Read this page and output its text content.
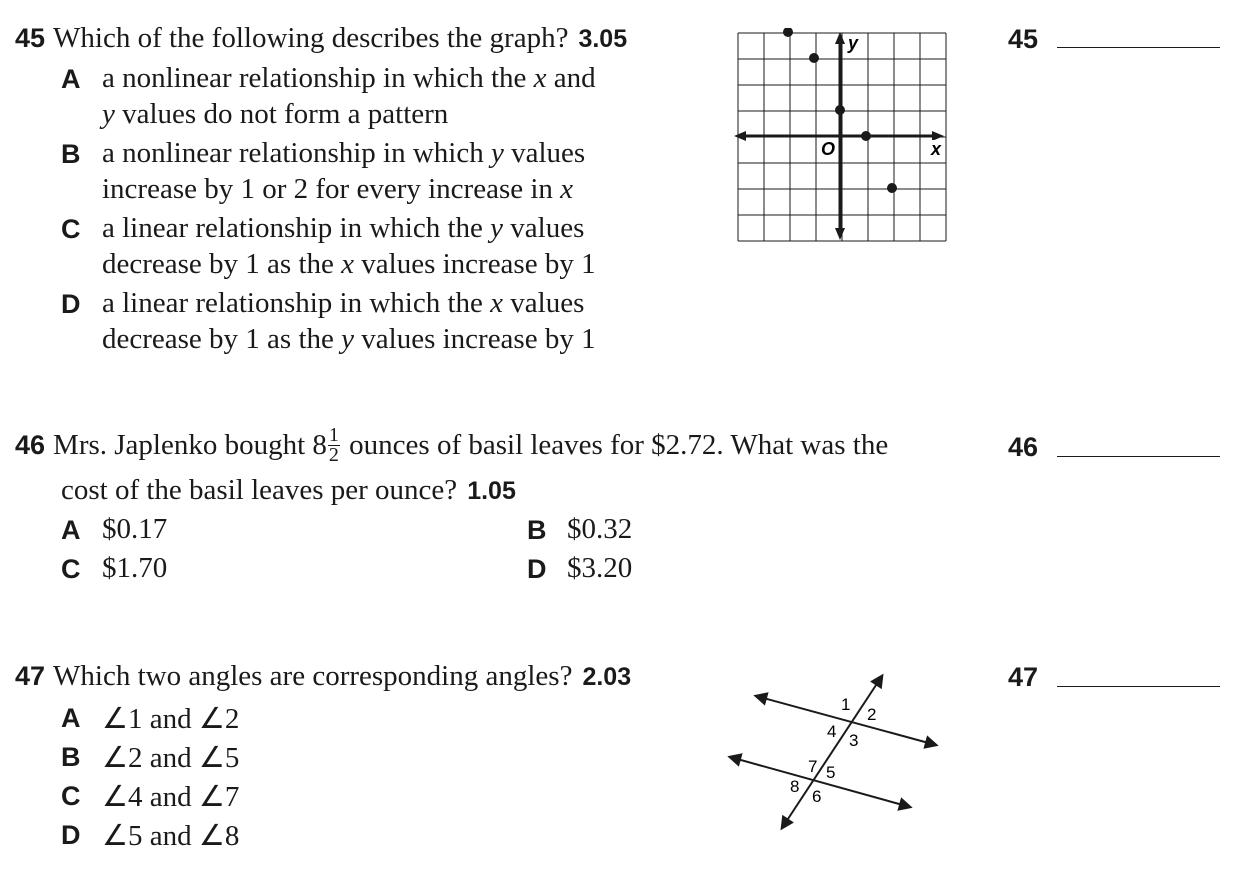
45 Which of the following describes the graph? 3.05
A a nonlinear relationship in which the x and
y values do not form a pattern
B a nonlinear relationship in which y values
increase by 1 or 2 for every increase in x
C a linear relationship in which the y values
decrease by 1 as the x values increase by 1
D a linear relationship in which the x values
decrease by 1 as the y values increase by 1
y
x
O
45
46 Mrs. Japlenko bought $8 \frac{1}{2}$ ounces of basil leaves for $2.72. What was the
cost of the basil leaves per ounce? 1.05
A $0.17	B $0.32
C $1.70	D $3.20
46
47 Which two angles are corresponding angles? 2.03
A ∠1 and ∠2
B ∠2 and ∠5
C ∠4 and ∠7
D ∠5 and ∠8
1
2
3
4
5
6
7
8
47
